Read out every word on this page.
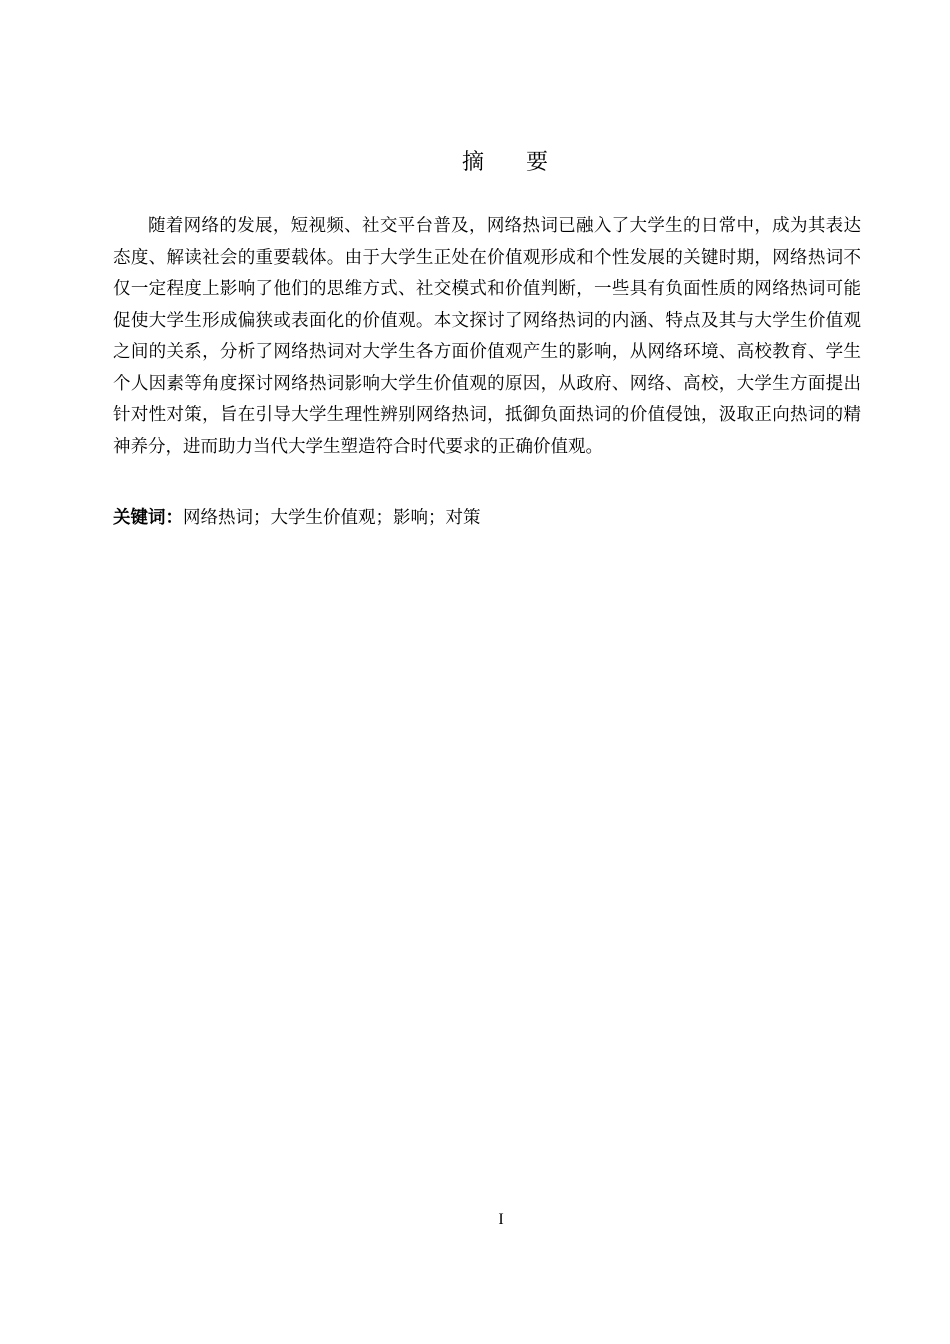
摘 要

随着网络的发展，短视频、社交平台普及，网络热词已融入了大学生的日常中，成为其表达态度、解读社会的重要载体。由于大学生正处在价值观形成和个性发展的关键时期，网络热词不仅一定程度上影响了他们的思维方式、社交模式和价值判断，一些具有负面性质的网络热词可能促使大学生形成偏狭或表面化的价值观。本文探讨了网络热词的内涵、特点及其与大学生价值观之间的关系，分析了网络热词对大学生各方面价值观产生的影响，从网络环境、高校教育、学生个人因素等角度探讨网络热词影响大学生价值观的原因，从政府、网络、高校，大学生方面提出针对性对策，旨在引导大学生理性辨别网络热词，抵御负面热词的价值侵蚀，汲取正向热词的精神养分，进而助力当代大学生塑造符合时代要求的正确价值观。

关键词：网络热词；大学生价值观；影响；对策
I
